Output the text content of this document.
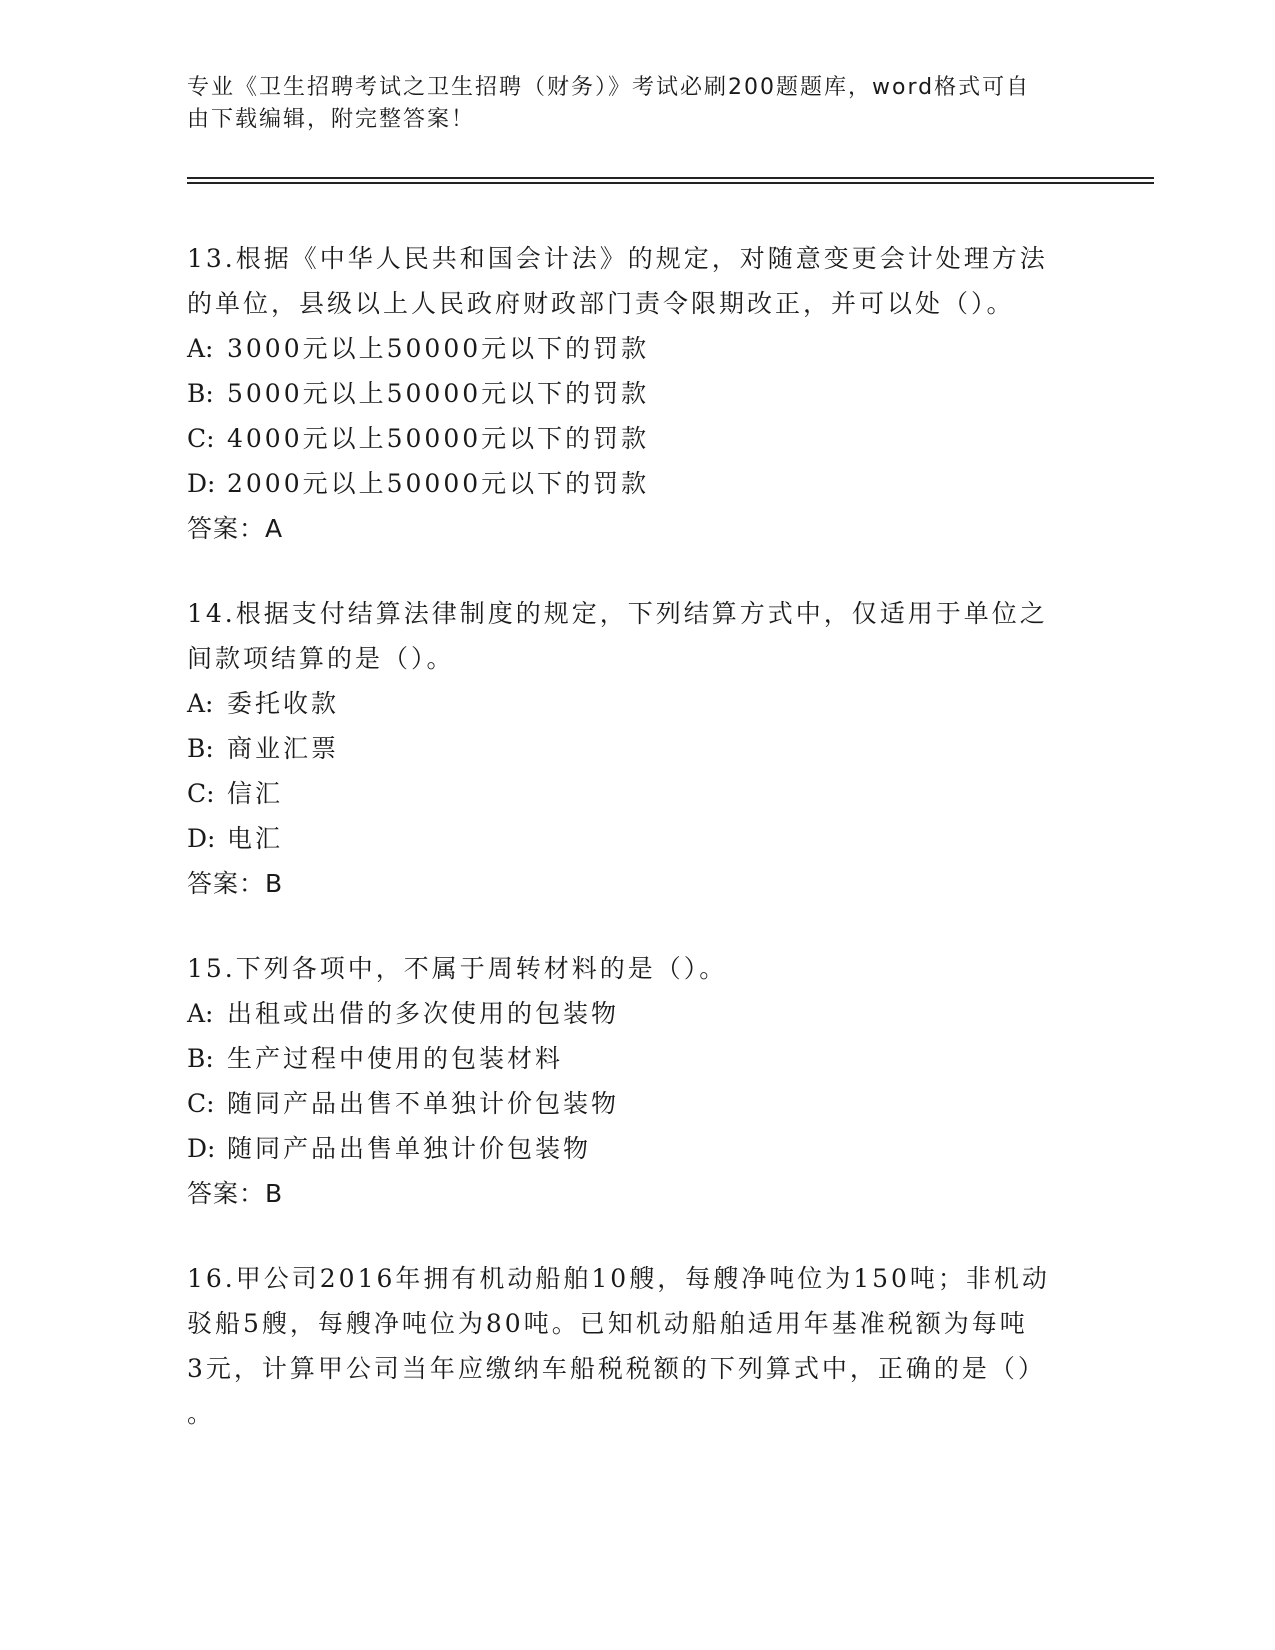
专业《卫生招聘考试之卫生招聘（财务）》考试必刷200题题库，word格式可自
由下载编辑，附完整答案！
13.根据《中华人民共和国会计法》的规定，对随意变更会计处理方法
的单位，县级以上人民政府财政部门责令限期改正，并可以处（）。
A: 3000元以上50000元以下的罚款
B: 5000元以上50000元以下的罚款
C: 4000元以上50000元以下的罚款
D: 2000元以上50000元以下的罚款
答案：A
14.根据支付结算法律制度的规定，下列结算方式中，仅适用于单位之
间款项结算的是（）。
A: 委托收款
B: 商业汇票
C: 信汇
D: 电汇
答案：B
15.下列各项中，不属于周转材料的是（）。
A: 出租或出借的多次使用的包装物
B: 生产过程中使用的包装材料
C: 随同产品出售不单独计价包装物
D: 随同产品出售单独计价包装物
答案：B
16.甲公司2016年拥有机动船舶10艘，每艘净吨位为150吨；非机动
驳船5艘，每艘净吨位为80吨。已知机动船舶适用年基准税额为每吨
3元，计算甲公司当年应缴纳车船税税额的下列算式中，正确的是（）
。
